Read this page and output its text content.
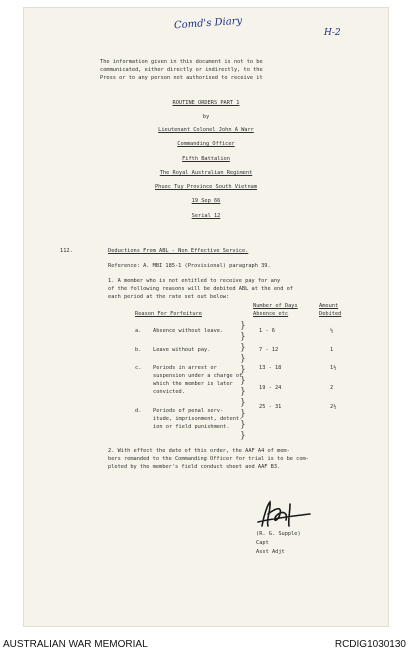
Comd's Diary
H-2
The information given in this document is not to be
communicated, either directly or indirectly, to the
Press or to any person not authorised to receive it
ROUTINE ORDERS PART 1
by
Lieutenant Colonel John A Warr
Commanding Officer
Fifth Battalion
The Royal Australian Regiment
Phuoc Tuy Province South Vietnam
19 Sep 66
Serial 12
112.	Deductions From ABL - Non Effective Service.
Reference: A. MBI 185-1 (Provisional) paragraph 39.
1. A member who is not entitled to receive pay for any
of the following reasons will be debited ABL at the end of
each period at the rate set out below:
Reason For Forfeiture
Number of Days
Absence etc
Amount
Debited
a. Absence without leave.
b. Leave without pay.
c. Periods in arrest or
suspension under a charge of
which the member is later
convicted.
d. Periods of penal serv-
itude, imprisonment, detent-
ion or field punishment.
}
}
}
}
}
}
}
}
}
}
}
1 - 6
7 - 12
13 - 18
19 - 24
25 - 31
½
1
1½
2
2½
2. With effect the date of this order, the AAF A4 of mem-
bers remanded to the Commanding Officer for trial is to be com-
pleted by the member's field conduct sheet and AAF B3.
(R. G. Supple)
Capt
Asst Adjt
AUSTRALIAN WAR MEMORIAL	RCDIG1030130
